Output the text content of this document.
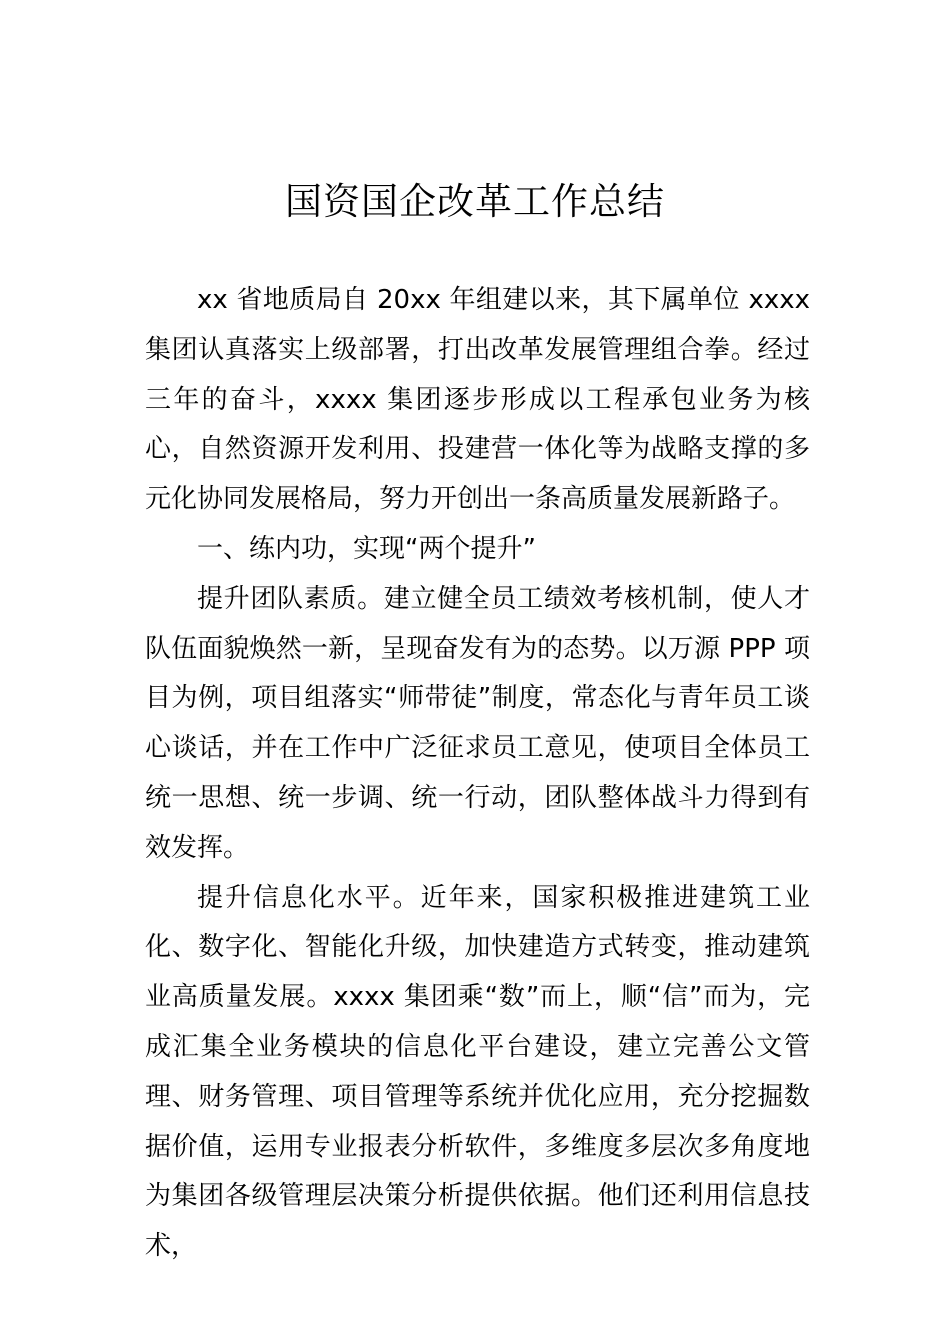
国资国企改革工作总结

xx 省地质局自 20xx 年组建以来，其下属单位 xxxx 集团认真落实上级部署，打出改革发展管理组合拳。经过三年的奋斗，xxxx 集团逐步形成以工程承包业务为核心，自然资源开发利用、投建营一体化等为战略支撑的多元化协同发展格局，努力开创出一条高质量发展新路子。

一、练内功，实现“两个提升”

提升团队素质。建立健全员工绩效考核机制，使人才队伍面貌焕然一新，呈现奋发有为的态势。以万源 PPP 项目为例，项目组落实“师带徒”制度，常态化与青年员工谈心谈话，并在工作中广泛征求员工意见，使项目全体员工统一思想、统一步调、统一行动，团队整体战斗力得到有效发挥。

提升信息化水平。近年来，国家积极推进建筑工业化、数字化、智能化升级，加快建造方式转变，推动建筑业高质量发展。xxxx 集团乘“数”而上，顺“信”而为，完成汇集全业务模块的信息化平台建设，建立完善公文管理、财务管理、项目管理等系统并优化应用，充分挖掘数据价值，运用专业报表分析软件，多维度多层次多角度地为集团各级管理层决策分析提供依据。他们还利用信息技术，
